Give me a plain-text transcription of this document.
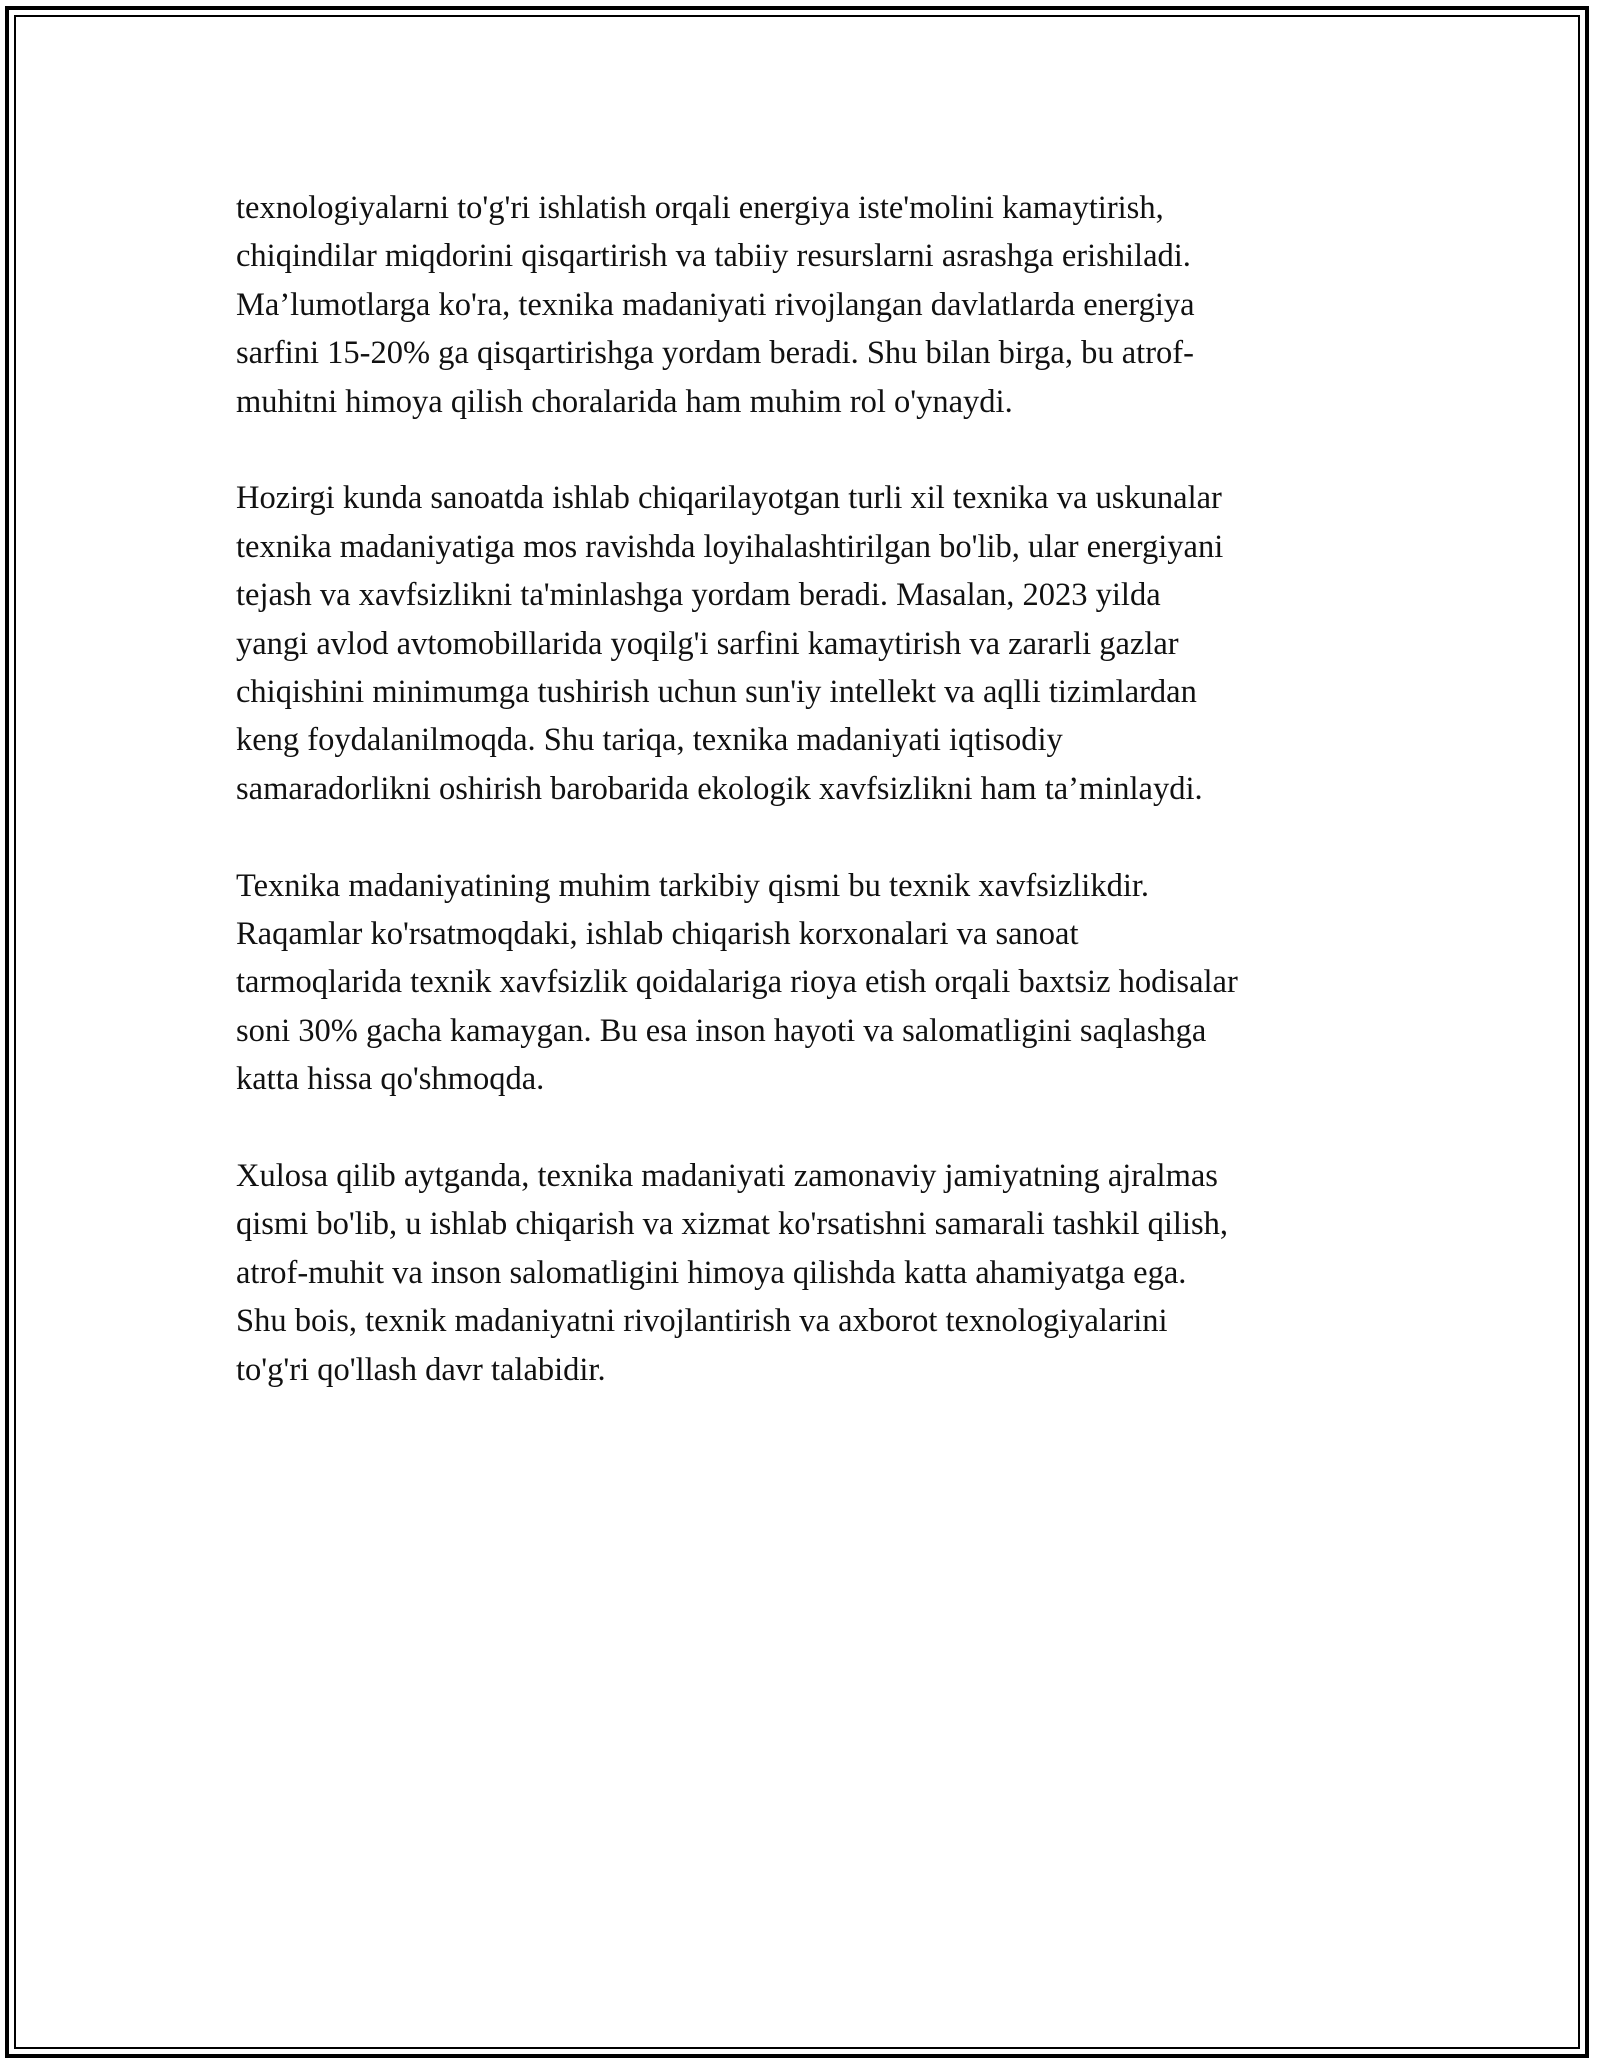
texnologiyalarni to'g'ri ishlatish orqali energiya iste'molini kamaytirish,
chiqindilar miqdorini qisqartirish va tabiiy resurslarni asrashga erishiladi.
Ma’lumotlarga ko'ra, texnika madaniyati rivojlangan davlatlarda energiya
sarfini 15-20% ga qisqartirishga yordam beradi. Shu bilan birga, bu atrof-
muhitni himoya qilish choralarida ham muhim rol o'ynaydi.

Hozirgi kunda sanoatda ishlab chiqarilayotgan turli xil texnika va uskunalar
texnika madaniyatiga mos ravishda loyihalashtirilgan bo'lib, ular energiyani
tejash va xavfsizlikni ta'minlashga yordam beradi. Masalan, 2023 yilda
yangi avlod avtomobillarida yoqilg'i sarfini kamaytirish va zararli gazlar
chiqishini minimumga tushirish uchun sun'iy intellekt va aqlli tizimlardan
keng foydalanilmoqda. Shu tariqa, texnika madaniyati iqtisodiy
samaradorlikni oshirish barobarida ekologik xavfsizlikni ham ta’minlaydi.

Texnika madaniyatining muhim tarkibiy qismi bu texnik xavfsizlikdir.
Raqamlar ko'rsatmoqdaki, ishlab chiqarish korxonalari va sanoat
tarmoqlarida texnik xavfsizlik qoidalariga rioya etish orqali baxtsiz hodisalar
soni 30% gacha kamaygan. Bu esa inson hayoti va salomatligini saqlashga
katta hissa qo'shmoqda.

Xulosa qilib aytganda, texnika madaniyati zamonaviy jamiyatning ajralmas
qismi bo'lib, u ishlab chiqarish va xizmat ko'rsatishni samarali tashkil qilish,
atrof-muhit va inson salomatligini himoya qilishda katta ahamiyatga ega.
Shu bois, texnik madaniyatni rivojlantirish va axborot texnologiyalarini
to'g'ri qo'llash davr talabidir.
